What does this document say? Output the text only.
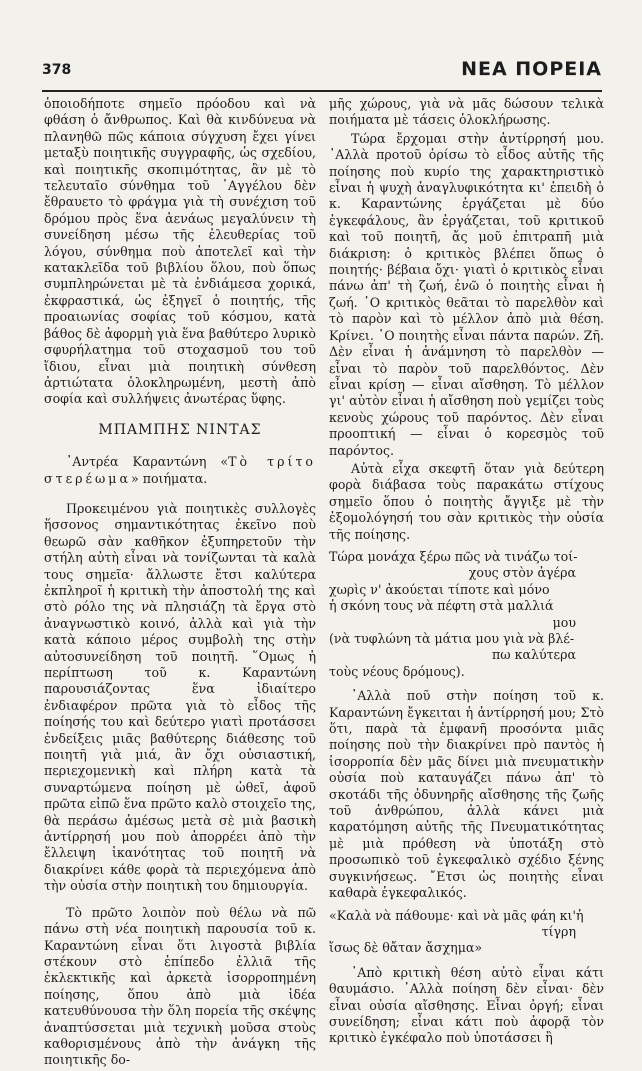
378	ΝΕΑ ΠΟΡΕΙΑ

ὁποιοδήποτε σημεῖο πρόοδου καὶ νὰ φθάση ὁ ἄνθρωπος. Καὶ θὰ κινδύνευα νὰ πλανηθῶ πῶς κάποια σύγχυση ἔχει γίνει μεταξὺ ποιητικῆς συγγραφῆς, ὡς σχεδίου, καὶ ποιητικῆς σκοπιμότητας, ἂν μὲ τὸ τελευταῖο σύνθημα τοῦ ᾿Αγγέλου δὲν ἔθραυετο τὸ φράγμα γιὰ τὴ συνέχιση τοῦ δρόμου πρὸς ἕνα ἀενάως μεγαλύνειν τὴ συνείδηση μέσω τῆς ἐλευθερίας τοῦ λόγου, σύνθημα ποὺ ἀποτελεῖ καὶ τὴν κατακλεῖδα τοῦ βιβλίου ὅλου, ποὺ ὅπως συμπληρώνεται μὲ τὰ ἐνδιάμεσα χορικά, ἐκφραστικά, ὡς ἐξηγεῖ ὁ ποιητής, τῆς προαιωνίας σοφίας τοῦ κόσμου, κατὰ βάθος δὲ ἀφορμὴ γιὰ ἕνα βαθύτερο λυρικὸ σφυρήλατημα τοῦ στοχασμοῦ του τοῦ ἴδιου, εἶναι μιὰ ποιητικὴ σύνθεση ἀρτιώτατα ὁλοκληρωμένη, μεστὴ ἀπὸ σοφία καὶ συλλήψεις ἀνωτέρας ὕφης.

ΜΠΑΜΠΗΣ ΝΙΝΤΑΣ

᾿Αντρέα Καραντώνη «Τὸ τρίτο στερέωμα» ποιήματα.

Προκειμένου γιὰ ποιητικὲς συλλογὲς ἥσσονος σημαντικότητας ἐκεῖνο ποὺ θεωρῶ σὰν καθῆκον ἐξυπηρετοῦν τὴν στήλη αὐτὴ εἶναι νὰ τονίζωνται τὰ καλὰ τους σημεῖα· ἄλλωστε ἔτσι καλύτερα ἐκπληροῖ ἡ κριτικὴ τὴν ἀποστολή της καὶ στὸ ρόλο της νὰ πλησιάζη τὰ ἔργα στὸ ἀναγνωστικὸ κοινό, ἀλλὰ καὶ γιὰ τὴν κατὰ κάποιο μέρος συμβολὴ της στὴν αὐτοσυνείδηση τοῦ ποιητῆ. ῞Ομως ἡ περίπτωση τοῦ κ. Καραντώνη παρουσιάζοντας ἕνα ἰδιαίτερο ἐνδιαφέρον πρῶτα γιὰ τὸ εἶδος τῆς ποίησής του καὶ δεύτερο γιατὶ προτάσσει ἐνδείξεις μιᾶς βαθύτερης διάθεσης τοῦ ποιητῆ γιὰ μιά, ἂν ὄχι οὐσιαστική, περιεχομενικὴ καὶ πλήρη κατὰ τὰ συναρτώμενα ποίηση μὲ ὠθεῖ, ἀφοῦ πρῶτα εἰπῶ ἕνα πρῶτο καλὸ στοιχεῖο της, θὰ περάσω ἀμέσως μετὰ σὲ μιὰ βασικὴ ἀντίρρησή μου ποὺ ἀπορρέει ἀπὸ τὴν ἔλλειψη ἱκανότητας τοῦ ποιητῆ νὰ διακρίνει κάθε φορὰ τὰ περιεχόμενα ἀπὸ τὴν οὐσία στὴν ποιητικὴ του δημιουργία.

Τὸ πρῶτο λοιπὸν ποὺ θέλω νὰ πῶ πάνω στὴ νέα ποιητικὴ παρουσία τοῦ κ. Καραντώνη εἶναι ὅτι λιγοστὰ βιβλία στέκουν στὸ ἐπίπεδο ἐλλιᾶ τῆς ἐκλεκτικῆς καὶ ἀρκετὰ ἰσορροπημένη ποίησης, ὅπου ἀπὸ μιὰ ἰδέα κατευθύνουσα τὴν ὅλη πορεία τῆς σκέψης ἀναπτύσσεται μιὰ τεχνικὴ μοῦσα στοὺς καθορισμένους ἀπὸ τὴν ἀνάγκη τῆς ποιητικῆς δο-

μῆς χώρους, γιὰ νὰ μᾶς δώσουν τελικὰ ποιήματα μὲ τάσεις ὁλοκλήρωσης.

Τώρα ἔρχομαι στὴν ἀντίρρησή μου. ᾿Αλλὰ προτοῦ ὁρίσω τὸ εἶδος αὐτῆς τῆς ποίησης ποὺ κυρίο της χαρακτηριστικὸ εἶναι ἡ ψυχὴ ἀναγλυφικότητα κι' ἐπειδὴ ὁ κ. Καραντώνης ἐργάζεται μὲ δύο ἐγκεφάλους, ἂν ἐργάζεται, τοῦ κριτικοῦ καὶ τοῦ ποιητῆ, ἄς μοῦ ἐπιτραπῆ μιὰ διάκριση: ὁ κριτικὸς βλέπει ὅπως ὁ ποιητής· βέβαια ὄχι· γιατὶ ὁ κριτικὸς εἶναι πάνω ἀπ' τὴ ζωή, ἐνῶ ὁ ποιητὴς εἶναι ἡ ζωή. ῾Ο κριτικὸς θεᾶται τὸ παρελθὸν καὶ τὸ παρὸν καὶ τὸ μέλλον ἀπὸ μιὰ θέση. Κρίνει. ῾Ο ποιητὴς εἶναι πάντα παρών. Ζῆ. Δὲν εἶναι ἡ ἀνάμνηση τὸ παρελθὸν — εἶναι τὸ παρὸν τοῦ παρελθόντος. Δὲν εἶναι κρίση — εἶναι αἴσθηση. Τὸ μέλλον γι' αὐτὸν εἶναι ἡ αἴσθηση ποὺ γεμίζει τοὺς κενοὺς χώρους τοῦ παρόντος. Δὲν εἶναι προοπτική — εἶναι ὁ κορεσμὸς τοῦ παρόντος.

Αὐτὰ εἶχα σκεφτῆ ὅταν γιὰ δεύτερη φορὰ διάβασα τοὺς παρακάτω στίχους σημεῖο ὅπου ὁ ποιητὴς ἄγγιξε μὲ τὴν ἐξομολόγησή του σὰν κριτικὸς τὴν οὐσία τῆς ποίησης.

Τώρα μονάχα ξέρω πῶς νὰ τινάζω τοί-
χους στὸν ἀγέρα
χωρὶς ν' ἀκούεται τίποτε καὶ μόνο
ἡ σκόνη τους νὰ πέφτη στὰ μαλλιά
μου
(νὰ τυφλώνη τὰ μάτια μου γιὰ νὰ βλέ-
πω καλύτερα
τοὺς νέους δρόμους).

᾿Αλλὰ ποῦ στὴν ποίηση τοῦ κ. Καραντώνη ἔγκειται ἡ ἀντίρρησή μου; Στὸ ὅτι, παρὰ τὰ ἐμφανῆ προσόντα μιᾶς ποίησης ποὺ τὴν διακρίνει πρὸ παντὸς ἡ ἰσορροπία δὲν μᾶς δίνει μιὰ πνευματικὴν οὐσία ποὺ καταυγάζει πάνω ἀπ' τὸ σκοτάδι τῆς ὀδυνηρῆς αἴσθησης τῆς ζωῆς τοῦ ἀνθρώπου, ἀλλὰ κάνει μιὰ καρατόμηση αὐτῆς τῆς Πνευματικότητας μὲ μιὰ πρόθεση νὰ ὑποτάξη στὸ προσωπικὸ τοῦ ἐγκεφαλικὸ σχέδιο ξένης συγκινήσεως. ῎Ετσι ὡς ποιητὴς εἶναι καθαρὰ ἐγκεφαλικός.

«Καλὰ νὰ πάθουμε· καὶ νὰ μᾶς φάη κι'ἡ
τίγρη
ἴσως δὲ θἄταν ἄσχημα»

᾿Απὸ κριτικὴ θέση αὐτὸ εἶναι κάτι θαυμάσιο. ᾿Αλλὰ ποίηση δὲν εἶναι· δὲν εἶναι οὐσία αἴσθησης. Εἶναι ὀργή; εἶναι συνείδηση; εἶναι κάτι ποὺ ἀφορᾷ τὸν κριτικὸ ἐγκέφαλο ποὺ ὑποτάσσει ἢ
